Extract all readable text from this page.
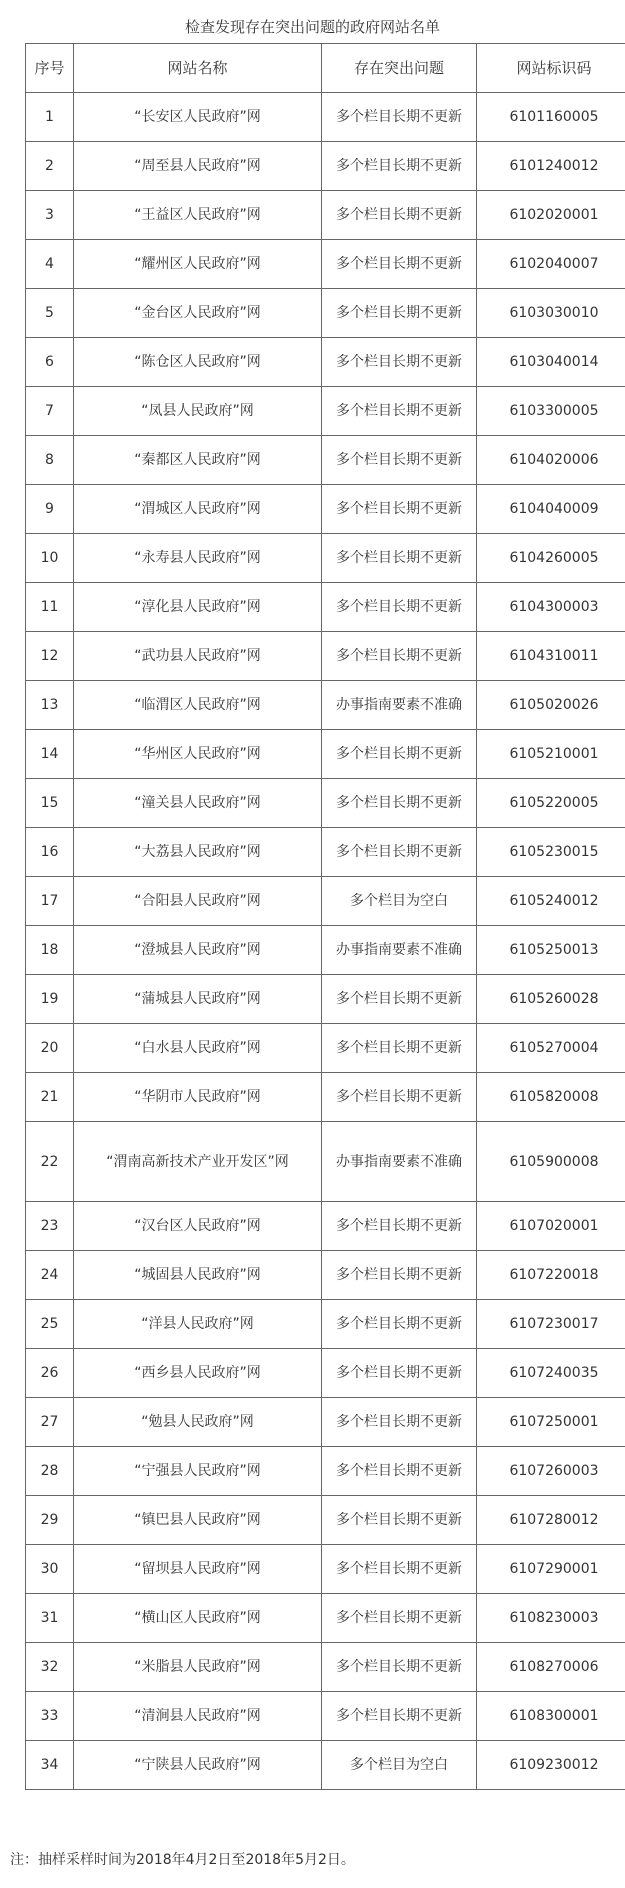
检查发现存在突出问题的政府网站名单
序号	网站名称	存在突出问题	网站标识码
1	“长安区人民政府”网	多个栏目长期不更新	6101160005
2	“周至县人民政府”网	多个栏目长期不更新	6101240012
3	“王益区人民政府”网	多个栏目长期不更新	6102020001
4	“耀州区人民政府”网	多个栏目长期不更新	6102040007
5	“金台区人民政府”网	多个栏目长期不更新	6103030010
6	“陈仓区人民政府”网	多个栏目长期不更新	6103040014
7	“凤县人民政府”网	多个栏目长期不更新	6103300005
8	“秦都区人民政府”网	多个栏目长期不更新	6104020006
9	“渭城区人民政府”网	多个栏目长期不更新	6104040009
10	“永寿县人民政府”网	多个栏目长期不更新	6104260005
11	“淳化县人民政府”网	多个栏目长期不更新	6104300003
12	“武功县人民政府”网	多个栏目长期不更新	6104310011
13	“临渭区人民政府”网	办事指南要素不准确	6105020026
14	“华州区人民政府”网	多个栏目长期不更新	6105210001
15	“潼关县人民政府”网	多个栏目长期不更新	6105220005
16	“大荔县人民政府”网	多个栏目长期不更新	6105230015
17	“合阳县人民政府”网	多个栏目为空白	6105240012
18	“澄城县人民政府”网	办事指南要素不准确	6105250013
19	“蒲城县人民政府”网	多个栏目长期不更新	6105260028
20	“白水县人民政府”网	多个栏目长期不更新	6105270004
21	“华阴市人民政府”网	多个栏目长期不更新	6105820008
22	“渭南高新技术产业开发区”网	办事指南要素不准确	6105900008
23	“汉台区人民政府”网	多个栏目长期不更新	6107020001
24	“城固县人民政府”网	多个栏目长期不更新	6107220018
25	“洋县人民政府”网	多个栏目长期不更新	6107230017
26	“西乡县人民政府”网	多个栏目长期不更新	6107240035
27	“勉县人民政府”网	多个栏目长期不更新	6107250001
28	“宁强县人民政府”网	多个栏目长期不更新	6107260003
29	“镇巴县人民政府”网	多个栏目长期不更新	6107280012
30	“留坝县人民政府”网	多个栏目长期不更新	6107290001
31	“横山区人民政府”网	多个栏目长期不更新	6108230003
32	“米脂县人民政府”网	多个栏目长期不更新	6108270006
33	“清涧县人民政府”网	多个栏目长期不更新	6108300001
34	“宁陕县人民政府”网	多个栏目为空白	6109230012
注：抽样采样时间为2018年4月2日至2018年5月2日。
